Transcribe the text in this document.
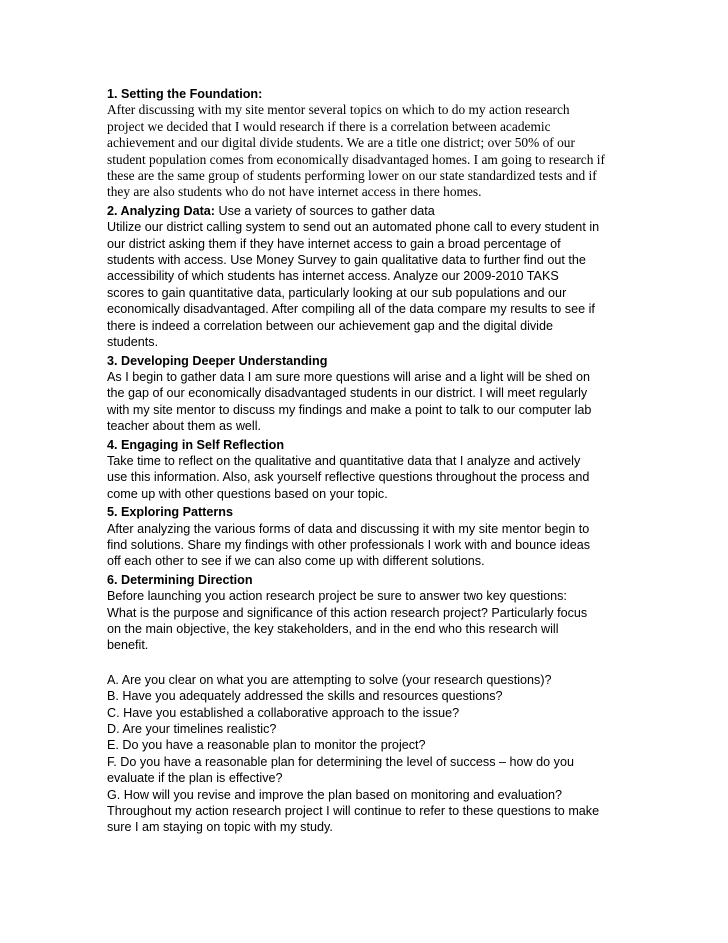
1. Setting the Foundation:
After discussing with my site mentor several topics on which to do my action research
project we decided that I would research if there is a correlation between academic
achievement and our digital divide students. We are a title one district; over 50% of our
student population comes from economically disadvantaged homes. I am going to research if
these are the same group of students performing lower on our state standardized tests and if
they are also students who do not have internet access in there homes.
2. Analyzing Data: Use a variety of sources to gather data
Utilize our district calling system to send out an automated phone call to every student in
our district asking them if they have internet access to gain a broad percentage of
students with access. Use Money Survey to gain qualitative data to further find out the
accessibility of which students has internet access. Analyze our 2009-2010 TAKS
scores to gain quantitative data, particularly looking at our sub populations and our
economically disadvantaged. After compiling all of the data compare my results to see if
there is indeed a correlation between our achievement gap and the digital divide
students.
3. Developing Deeper Understanding
As I begin to gather data I am sure more questions will arise and a light will be shed on
the gap of our economically disadvantaged students in our district. I will meet regularly
with my site mentor to discuss my findings and make a point to talk to our computer lab
teacher about them as well.
4. Engaging in Self Reflection
Take time to reflect on the qualitative and quantitative data that I analyze and actively
use this information. Also, ask yourself reflective questions throughout the process and
come up with other questions based on your topic.
5. Exploring Patterns
After analyzing the various forms of data and discussing it with my site mentor begin to
find solutions. Share my findings with other professionals I work with and bounce ideas
off each other to see if we can also come up with different solutions.
6. Determining Direction
Before launching you action research project be sure to answer two key questions:
What is the purpose and significance of this action research project? Particularly focus
on the main objective, the key stakeholders, and in the end who this research will
benefit.
A. Are you clear on what you are attempting to solve (your research questions)?
B. Have you adequately addressed the skills and resources questions?
C. Have you established a collaborative approach to the issue?
D. Are your timelines realistic?
E. Do you have a reasonable plan to monitor the project?
F. Do you have a reasonable plan for determining the level of success – how do you
evaluate if the plan is effective?
G. How will you revise and improve the plan based on monitoring and evaluation?
Throughout my action research project I will continue to refer to these questions to make
sure I am staying on topic with my study.
